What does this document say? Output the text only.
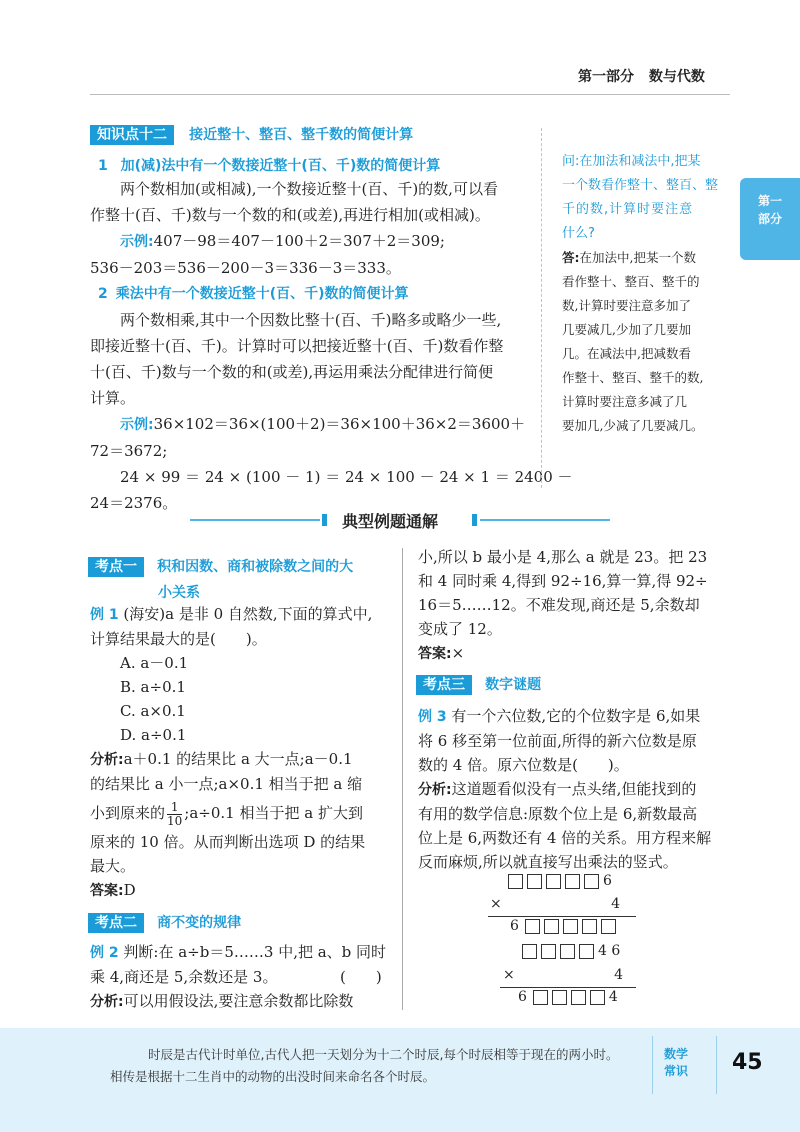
第一部分 数与代数
第一
部分
知识点十二 接近整十、整百、整千数的简便计算
1 加(减)法中有一个数接近整十(百、千)数的简便计算
两个数相加(或相减),一个数接近整十(百、千)的数,可以看
作整十(百、千)数与一个数的和(或差),再进行相加(或相减)。
示例:407－98＝407－100＋2＝307＋2＝309;
536－203＝536－200－3＝336－3＝333。
2 乘法中有一个数接近整十(百、千)数的简便计算
两个数相乘,其中一个因数比整十(百、千)略多或略少一些,
即接近整十(百、千)。计算时可以把接近整十(百、千)数看作整
十(百、千)数与一个数的和(或差),再运用乘法分配律进行简便
计算。
示例:36×102＝36×(100＋2)＝36×100＋36×2＝3600＋
72＝3672;
24 × 99 ＝ 24 × (100 － 1) ＝ 24 × 100 － 24 × 1 ＝ 2400 －
24＝2376。
问:在加法和减法中,把某
一个数看作整十、整百、整
千的数,计算时要注意
什么?
答:在加法中,把某一个数
看作整十、整百、整千的
数,计算时要注意多加了
几要减几,少加了几要加
几。在减法中,把减数看
作整十、整百、整千的数,
计算时要注意多减了几
要加几,少减了几要减几。
典型例题通解
考点一 积和因数、商和被除数之间的大
小关系
例 1 (海安)a 是非 0 自然数,下面的算式中,
计算结果最大的是(　　)。
A. a－0.1
B. a÷0.1
C. a×0.1
D. a÷0.1
分析:a＋0.1 的结果比 a 大一点;a－0.1
的结果比 a 小一点;a×0.1 相当于把 a 缩
小到原来的 $\frac{1}{10}$ ;a÷0.1 相当于把 a 扩大到
原来的 10 倍。从而判断出选项 D 的结果
最大。
答案:D
考点二 商不变的规律
例 2 判断:在 a÷b＝5……3 中,把 a、b 同时
乘 4,商还是 5,余数还是 3。	(　　)
分析:可以用假设法,要注意余数都比除数
小,所以 b 最小是 4,那么 a 就是 23。把 23
和 4 同时乘 4,得到 92÷16,算一算,得 92÷
16＝5……12。不难发现,商还是 5,余数却
变成了 12。
答案:×
考点三 数字谜题
例 3 有一个六位数,它的个位数字是 6,如果
将 6 移至第一位前面,所得的新六位数是原
数的 4 倍。原六位数是(　　)。
分析:这道题看似没有一点头绪,但能找到的
有用的数学信息:原数个位上是 6,新数最高
位上是 6,两数还有 4 倍的关系。用方程来解
反而麻烦,所以就直接写出乘法的竖式。
6
×	4
6
4 6
×	4
6	4
时辰是古代计时单位,古代人把一天划分为十二个时辰,每个时辰相等于现在的两小时。
相传是根据十二生肖中的动物的出没时间来命名各个时辰。
数学
常识 45
